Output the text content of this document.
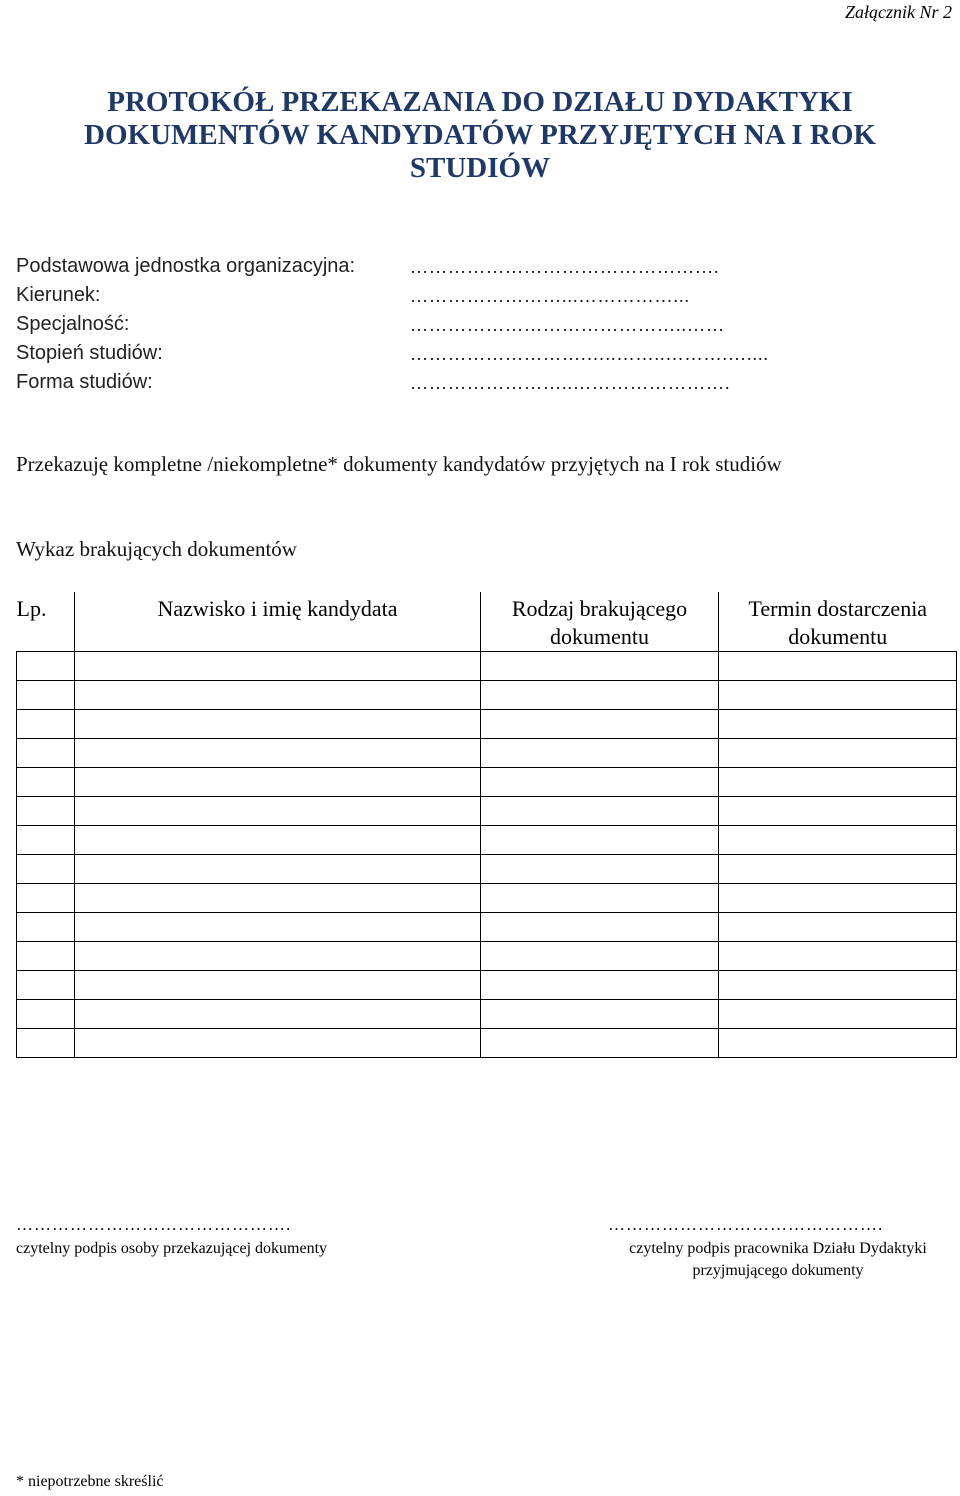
Załącznik Nr 2
PROTOKÓŁ PRZEKAZANIA DO DZIAŁU DYDAKTYKI
DOKUMENTÓW KANDYDATÓW PRZYJĘTYCH NA I ROK
STUDIÓW
Podstawowa jednostka organizacyjna:	………………………………………….
Kierunek:	……………………...……………...
Specjalność:	……………………………………..……
Stopień studiów:	……………………….…..……..……….…....
Forma studiów:	……………………..…………………….
Przekazuję kompletne /niekompletne* dokumenty kandydatów przyjętych na I rok studiów
Wykaz brakujących dokumentów
Lp.	Nazwisko i imię kandydata	Rodzaj brakującego dokumentu	Termin dostarczenia dokumentu

……………………………………….
czytelny podpis osoby przekazującej dokumenty
……………………………………….
czytelny podpis pracownika Działu Dydaktyki
przyjmującego dokumenty
* niepotrzebne skreślić
